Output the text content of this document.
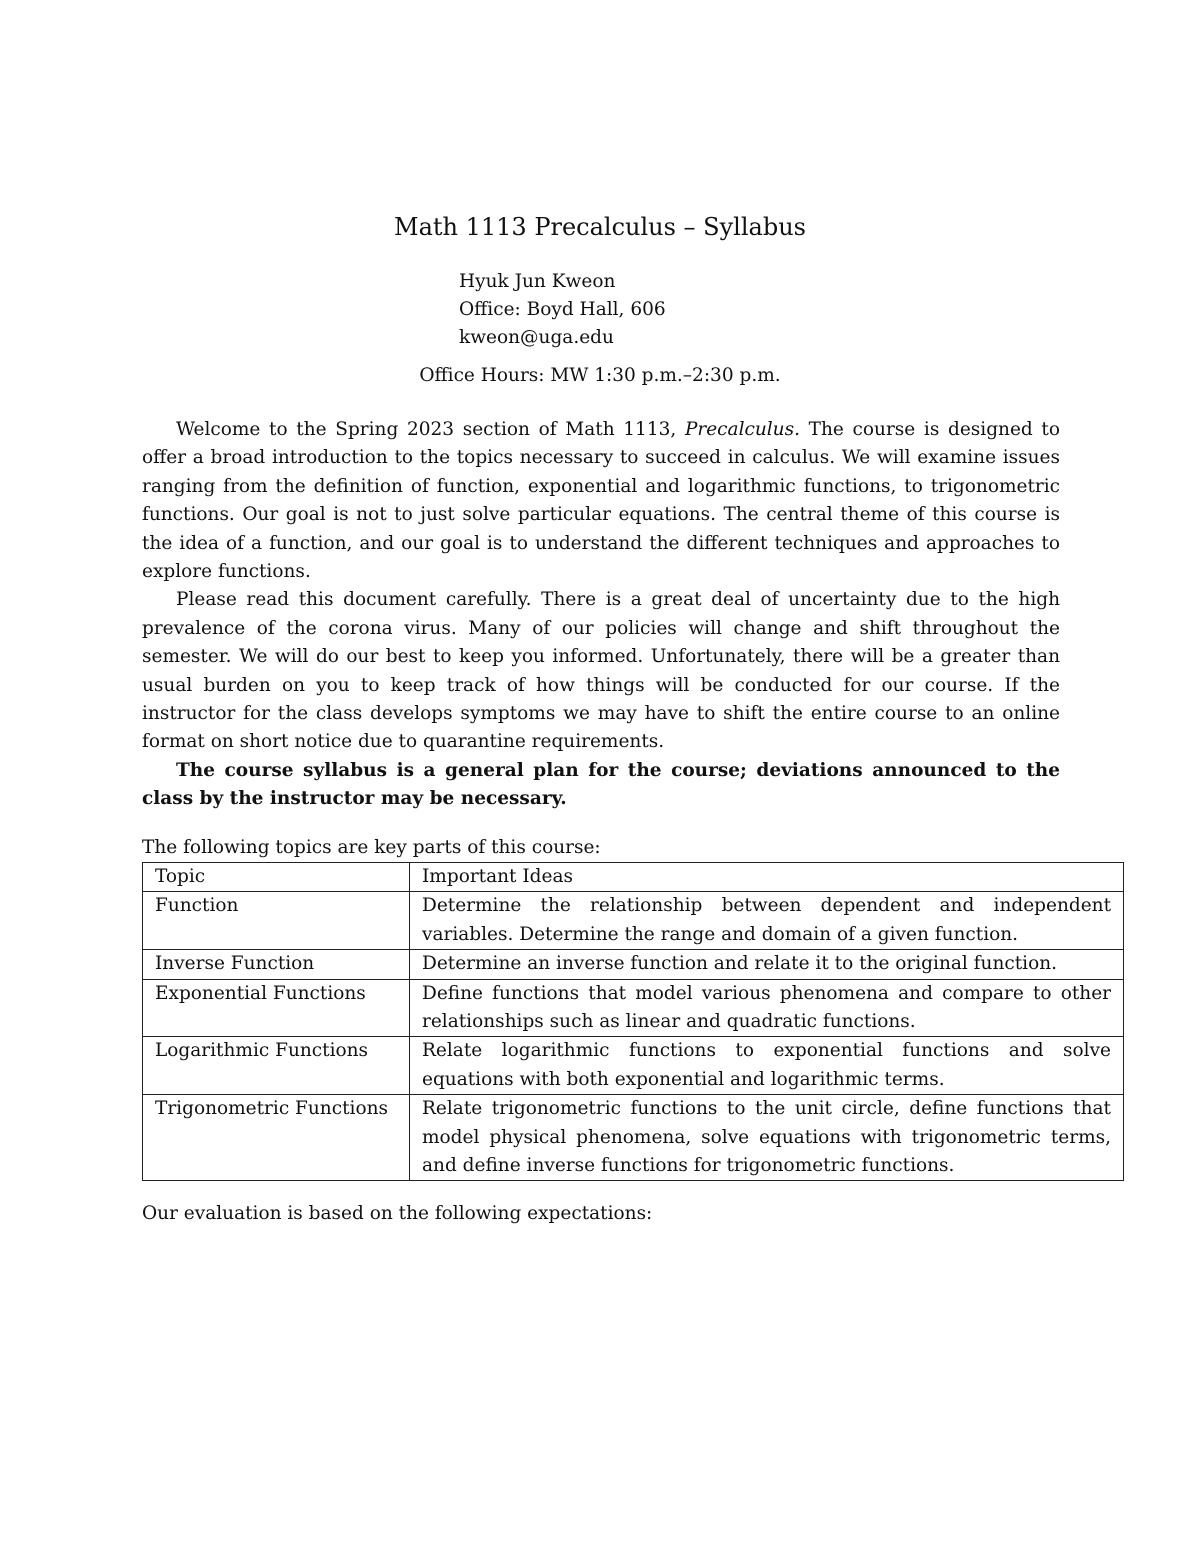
Math 1113 Precalculus – Syllabus
Hyuk Jun Kweon
Office: Boyd Hall, 606
kweon@uga.edu
Office Hours: MW 1:30 p.m.–2:30 p.m.

Welcome to the Spring 2023 section of Math 1113, Precalculus. The course is designed to offer a broad introduction to the topics necessary to succeed in calculus. We will examine issues ranging from the definition of function, exponential and logarithmic functions, to trigonometric functions. Our goal is not to just solve particular equations. The central theme of this course is the idea of a function, and our goal is to understand the different techniques and approaches to explore functions.

Please read this document carefully. There is a great deal of uncertainty due to the high prevalence of the corona virus. Many of our policies will change and shift throughout the semester. We will do our best to keep you informed. Unfortunately, there will be a greater than usual burden on you to keep track of how things will be conducted for our course. If the instructor for the class develops symptoms we may have to shift the entire course to an online format on short notice due to quarantine requirements.

The course syllabus is a general plan for the course; deviations announced to the class by the instructor may be necessary.

The following topics are key parts of this course:
Topic	Important Ideas
Function	Determine the relationship between dependent and independent variables. Determine the range and domain of a given function.
Inverse Function	Determine an inverse function and relate it to the original function.
Exponential Functions	Define functions that model various phenomena and compare to other relationships such as linear and quadratic functions.
Logarithmic Functions	Relate logarithmic functions to exponential functions and solve equations with both exponential and logarithmic terms.
Trigonometric Functions	Relate trigonometric functions to the unit circle, define functions that model physical phenomena, solve equations with trigonometric terms, and define inverse functions for trigonometric functions.
Our evaluation is based on the following expectations:
